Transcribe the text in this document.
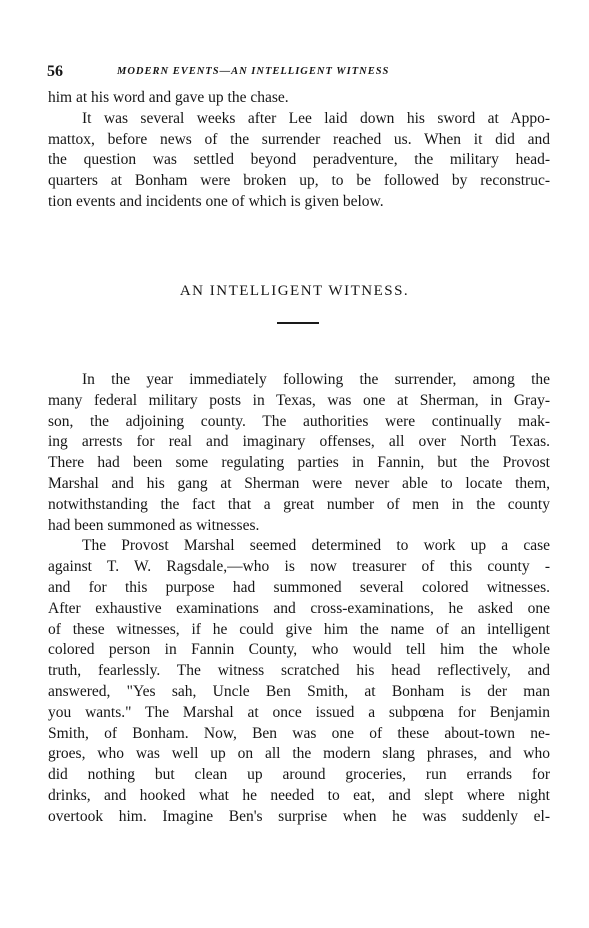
56	MODERN EVENTS—AN INTELLIGENT WITNESS
him at his word and gave up the chase.
It was several weeks after Lee laid down his sword at Appo-
mattox, before news of the surrender reached us. When it did and
the question was settled beyond peradventure, the military head-
quarters at Bonham were broken up, to be followed by reconstruc-
tion events and incidents one of which is given below.
AN INTELLIGENT WITNESS.
In the year immediately following the surrender, among the
many federal military posts in Texas, was one at Sherman, in Gray-
son, the adjoining county. The authorities were continually mak-
ing arrests for real and imaginary offenses, all over North Texas.
There had been some regulating parties in Fannin, but the Provost
Marshal and his gang at Sherman were never able to locate them,
notwithstanding the fact that a great number of men in the county
had been summoned as witnesses.
The Provost Marshal seemed determined to work up a case
against T. W. Ragsdale,—who is now treasurer of this county -
and for this purpose had summoned several colored witnesses.
After exhaustive examinations and cross-examinations, he asked one
of these witnesses, if he could give him the name of an intelligent
colored person in Fannin County, who would tell him the whole
truth, fearlessly. The witness scratched his head reflectively, and
answered, "Yes sah, Uncle Ben Smith, at Bonham is der man
you wants." The Marshal at once issued a subpœna for Benjamin
Smith, of Bonham. Now, Ben was one of these about-town ne-
groes, who was well up on all the modern slang phrases, and who
did nothing but clean up around groceries, run errands for
drinks, and hooked what he needed to eat, and slept where night
overtook him. Imagine Ben's surprise when he was suddenly el-
